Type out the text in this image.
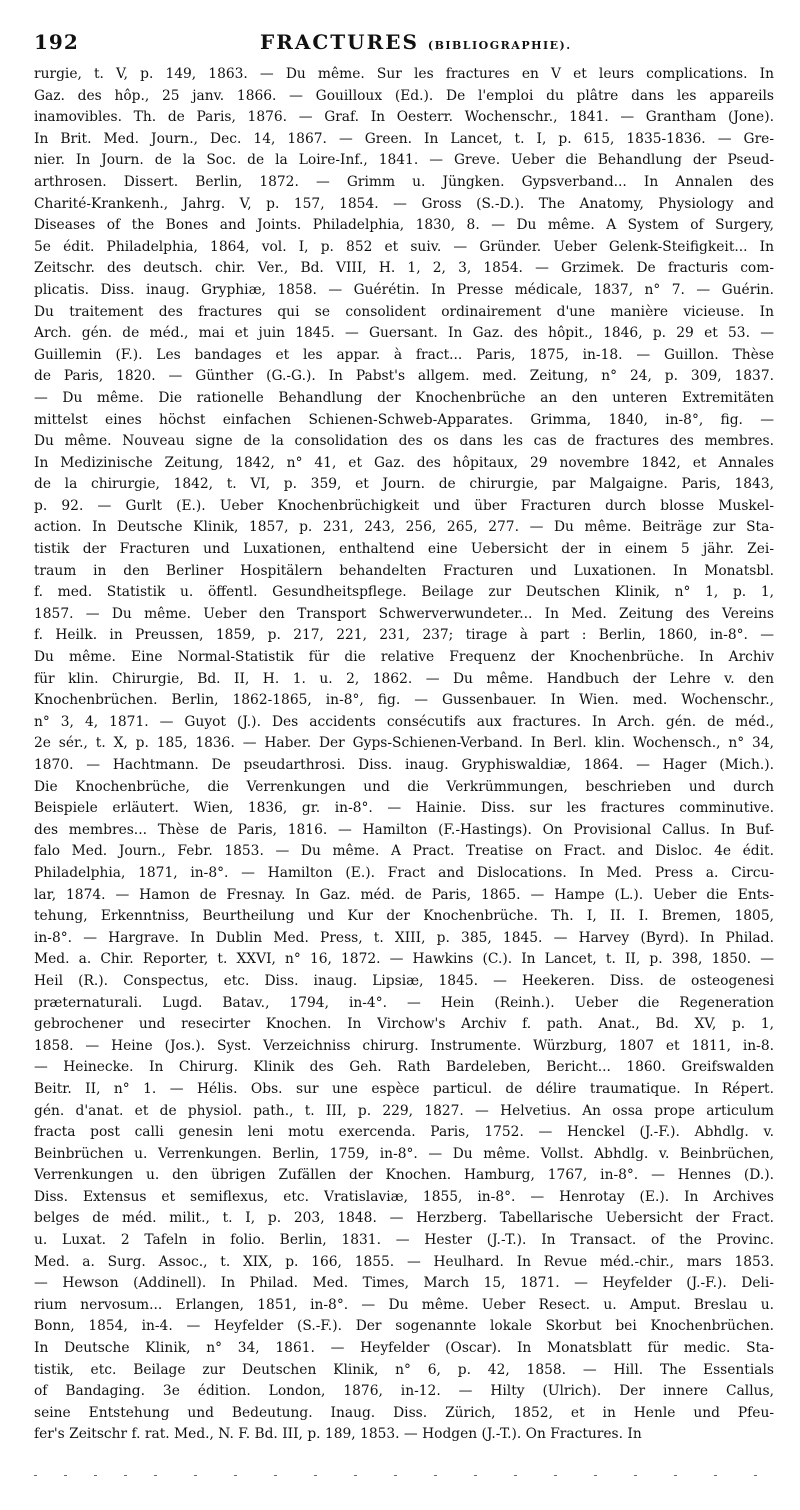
192	FRACTURES (BIBLIOGRAPHIE).
rurgie, t. V, p. 149, 1863. — Du même. Sur les fractures en V et leurs complications. In
Gaz. des hôp., 25 janv. 1866. — Gouilloux (Ed.). De l'emploi du plâtre dans les appareils
inamovibles. Th. de Paris, 1876. — Graf. In Oesterr. Wochenschr., 1841. — Grantham (Jone).
In Brit. Med. Journ., Dec. 14, 1867. — Green. In Lancet, t. I, p. 615, 1835-1836. — Gre-
nier. In Journ. de la Soc. de la Loire-Inf., 1841. — Greve. Ueber die Behandlung der Pseud-
arthrosen. Dissert. Berlin, 1872. — Grimm u. Jüngken. Gypsverband... In Annalen des
Charité-Krankenh., Jahrg. V, p. 157, 1854. — Gross (S.-D.). The Anatomy, Physiology and
Diseases of the Bones and Joints. Philadelphia, 1830, 8. — Du même. A System of Surgery,
5e édit. Philadelphia, 1864, vol. I, p. 852 et suiv. — Gründer. Ueber Gelenk-Steifigkeit... In
Zeitschr. des deutsch. chir. Ver., Bd. VIII, H. 1, 2, 3, 1854. — Grzimek. De fracturis com-
plicatis. Diss. inaug. Gryphiæ, 1858. — Guérétin. In Presse médicale, 1837, n° 7. — Guérin.
Du traitement des fractures qui se consolident ordinairement d'une manière vicieuse. In
Arch. gén. de méd., mai et juin 1845. — Guersant. In Gaz. des hôpit., 1846, p. 29 et 53. —
Guillemin (F.). Les bandages et les appar. à fract... Paris, 1875, in-18. — Guillon. Thèse
de Paris, 1820. — Günther (G.-G.). In Pabst's allgem. med. Zeitung, n° 24, p. 309, 1837.
— Du même. Die rationelle Behandlung der Knochenbrüche an den unteren Extremitäten
mittelst eines höchst einfachen Schienen-Schweb-Apparates. Grimma, 1840, in-8°, fig. —
Du même. Nouveau signe de la consolidation des os dans les cas de fractures des membres.
In Medizinische Zeitung, 1842, n° 41, et Gaz. des hôpitaux, 29 novembre 1842, et Annales
de la chirurgie, 1842, t. VI, p. 359, et Journ. de chirurgie, par Malgaigne. Paris, 1843,
p. 92. — Gurlt (E.). Ueber Knochenbrüchigkeit und über Fracturen durch blosse Muskel-
action. In Deutsche Klinik, 1857, p. 231, 243, 256, 265, 277. — Du même. Beiträge zur Sta-
tistik der Fracturen und Luxationen, enthaltend eine Uebersicht der in einem 5 jähr. Zei-
traum in den Berliner Hospitälern behandelten Fracturen und Luxationen. In Monatsbl.
f. med. Statistik u. öffentl. Gesundheitspflege. Beilage zur Deutschen Klinik, n° 1, p. 1,
1857. — Du même. Ueber den Transport Schwerverwundeter... In Med. Zeitung des Vereins
f. Heilk. in Preussen, 1859, p. 217, 221, 231, 237; tirage à part : Berlin, 1860, in-8°. —
Du même. Eine Normal-Statistik für die relative Frequenz der Knochenbrüche. In Archiv
für klin. Chirurgie, Bd. II, H. 1. u. 2, 1862. — Du même. Handbuch der Lehre v. den
Knochenbrüchen. Berlin, 1862-1865, in-8°, fig. — Gussenbauer. In Wien. med. Wochenschr.,
n° 3, 4, 1871. — Guyot (J.). Des accidents consécutifs aux fractures. In Arch. gén. de méd.,
2e sér., t. X, p. 185, 1836. — Haber. Der Gyps-Schienen-Verband. In Berl. klin. Wochensch., n° 34,
1870. — Hachtmann. De pseudarthrosi. Diss. inaug. Gryphiswaldiæ, 1864. — Hager (Mich.).
Die Knochenbrüche, die Verrenkungen und die Verkrümmungen, beschrieben und durch
Beispiele erläutert. Wien, 1836, gr. in-8°. — Hainie. Diss. sur les fractures comminutive.
des membres... Thèse de Paris, 1816. — Hamilton (F.-Hastings). On Provisional Callus. In Buf-
falo Med. Journ., Febr. 1853. — Du même. A Pract. Treatise on Fract. and Disloc. 4e édit.
Philadelphia, 1871, in-8°. — Hamilton (E.). Fract and Dislocations. In Med. Press a. Circu-
lar, 1874. — Hamon de Fresnay. In Gaz. méd. de Paris, 1865. — Hampe (L.). Ueber die Ents-
tehung, Erkenntniss, Beurtheilung und Kur der Knochenbrüche. Th. I, II. I. Bremen, 1805,
in-8°. — Hargrave. In Dublin Med. Press, t. XIII, p. 385, 1845. — Harvey (Byrd). In Philad.
Med. a. Chir. Reporter, t. XXVI, n° 16, 1872. — Hawkins (C.). In Lancet, t. II, p. 398, 1850. —
Heil (R.). Conspectus, etc. Diss. inaug. Lipsiæ, 1845. — Heekeren. Diss. de osteogenesi
præternaturali. Lugd. Batav., 1794, in-4°. — Hein (Reinh.). Ueber die Regeneration
gebrochener und resecirter Knochen. In Virchow's Archiv f. path. Anat., Bd. XV, p. 1,
1858. — Heine (Jos.). Syst. Verzeichniss chirurg. Instrumente. Würzburg, 1807 et 1811, in-8.
— Heinecke. In Chirurg. Klinik des Geh. Rath Bardeleben, Bericht... 1860. Greifswalden
Beitr. II, n° 1. — Hélis. Obs. sur une espèce particul. de délire traumatique. In Répert.
gén. d'anat. et de physiol. path., t. III, p. 229, 1827. — Helvetius. An ossa prope articulum
fracta post calli genesin leni motu exercenda. Paris, 1752. — Henckel (J.-F.). Abhdlg. v.
Beinbrüchen u. Verrenkungen. Berlin, 1759, in-8°. — Du même. Vollst. Abhdlg. v. Beinbrüchen,
Verrenkungen u. den übrigen Zufällen der Knochen. Hamburg, 1767, in-8°. — Hennes (D.).
Diss. Extensus et semiflexus, etc. Vratislaviæ, 1855, in-8°. — Henrotay (E.). In Archives
belges de méd. milit., t. I, p. 203, 1848. — Herzberg. Tabellarische Uebersicht der Fract.
u. Luxat. 2 Tafeln in folio. Berlin, 1831. — Hester (J.-T.). In Transact. of the Provinc.
Med. a. Surg. Assoc., t. XIX, p. 166, 1855. — Heulhard. In Revue méd.-chir., mars 1853.
— Hewson (Addinell). In Philad. Med. Times, March 15, 1871. — Heyfelder (J.-F.). Deli-
rium nervosum... Erlangen, 1851, in-8°. — Du même. Ueber Resect. u. Amput. Breslau u.
Bonn, 1854, in-4. — Heyfelder (S.-F.). Der sogenannte lokale Skorbut bei Knochenbrüchen.
In Deutsche Klinik, n° 34, 1861. — Heyfelder (Oscar). In Monatsblatt für medic. Sta-
tistik, etc. Beilage zur Deutschen Klinik, n° 6, p. 42, 1858. — Hill. The Essentials
of Bandaging. 3e édition. London, 1876, in-12. — Hilty (Ulrich). Der innere Callus,
seine Entstehung und Bedeutung. Inaug. Diss. Zürich, 1852, et in Henle und Pfeu-
fer's Zeitschr f. rat. Med., N. F. Bd. III, p. 189, 1853. — Hodgen (J.-T.). On Fractures. In
